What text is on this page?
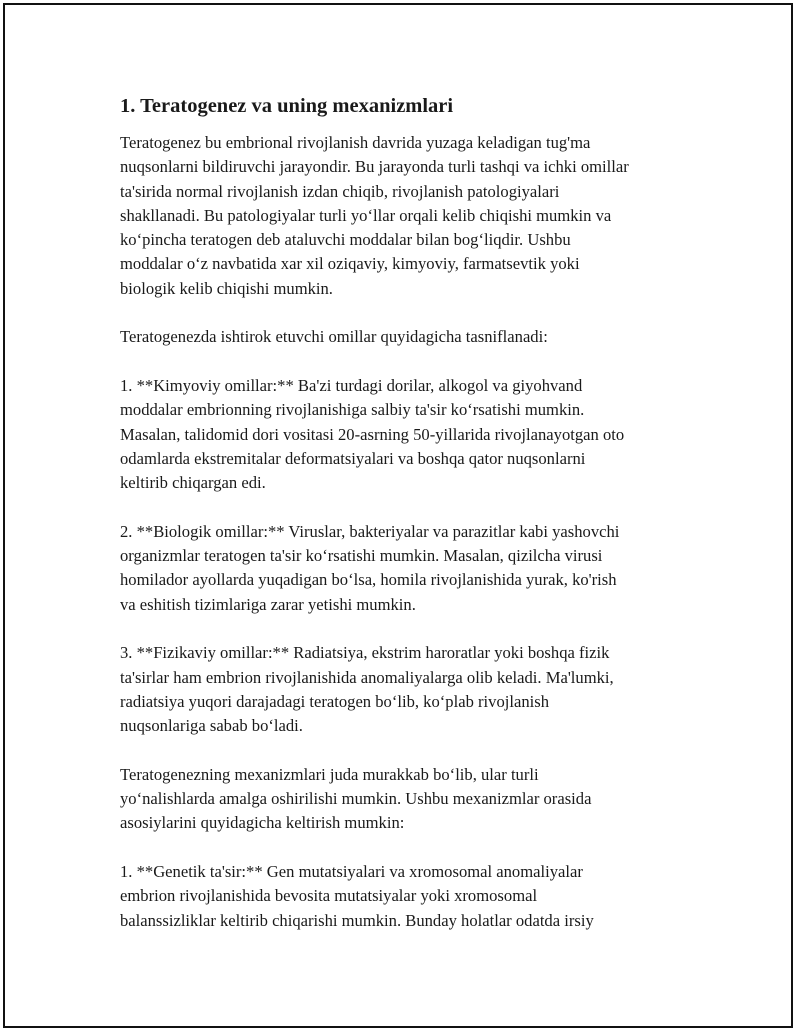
1. Teratogenez va uning mexanizmlari
Teratogenez bu embrional rivojlanish davrida yuzaga keladigan tug'ma
nuqsonlarni bildiruvchi jarayondir. Bu jarayonda turli tashqi va ichki omillar
ta'sirida normal rivojlanish izdan chiqib, rivojlanish patologiyalari
shakllanadi. Bu patologiyalar turli yo‘llar orqali kelib chiqishi mumkin va
ko‘pincha teratogen deb ataluvchi moddalar bilan bog‘liqdir. Ushbu
moddalar o‘z navbatida xar xil oziqaviy, kimyoviy, farmatsevtik yoki
biologik kelib chiqishi mumkin.
Teratogenezda ishtirok etuvchi omillar quyidagicha tasniflanadi:
1. **Kimyoviy omillar:** Ba'zi turdagi dorilar, alkogol va giyohvand
moddalar embrionning rivojlanishiga salbiy ta'sir ko‘rsatishi mumkin.
Masalan, talidomid dori vositasi 20-asrning 50-yillarida rivojlanayotgan oto
odamlarda ekstremitalar deformatsiyalari va boshqa qator nuqsonlarni
keltirib chiqargan edi.
2. **Biologik omillar:** Viruslar, bakteriyalar va parazitlar kabi yashovchi
organizmlar teratogen ta'sir ko‘rsatishi mumkin. Masalan, qizilcha virusi
homilador ayollarda yuqadigan bo‘lsa, homila rivojlanishida yurak, ko'rish
va eshitish tizimlariga zarar yetishi mumkin.
3. **Fizikaviy omillar:** Radiatsiya, ekstrim haroratlar yoki boshqa fizik
ta'sirlar ham embrion rivojlanishida anomaliyalarga olib keladi. Ma'lumki,
radiatsiya yuqori darajadagi teratogen bo‘lib, ko‘plab rivojlanish
nuqsonlariga sabab bo‘ladi.
Teratogenezning mexanizmlari juda murakkab bo‘lib, ular turli
yo‘nalishlarda amalga oshirilishi mumkin. Ushbu mexanizmlar orasida
asosiylarini quyidagicha keltirish mumkin:
1. **Genetik ta'sir:** Gen mutatsiyalari va xromosomal anomaliyalar
embrion rivojlanishida bevosita mutatsiyalar yoki xromosomal
balanssizliklar keltirib chiqarishi mumkin. Bunday holatlar odatda irsiy
